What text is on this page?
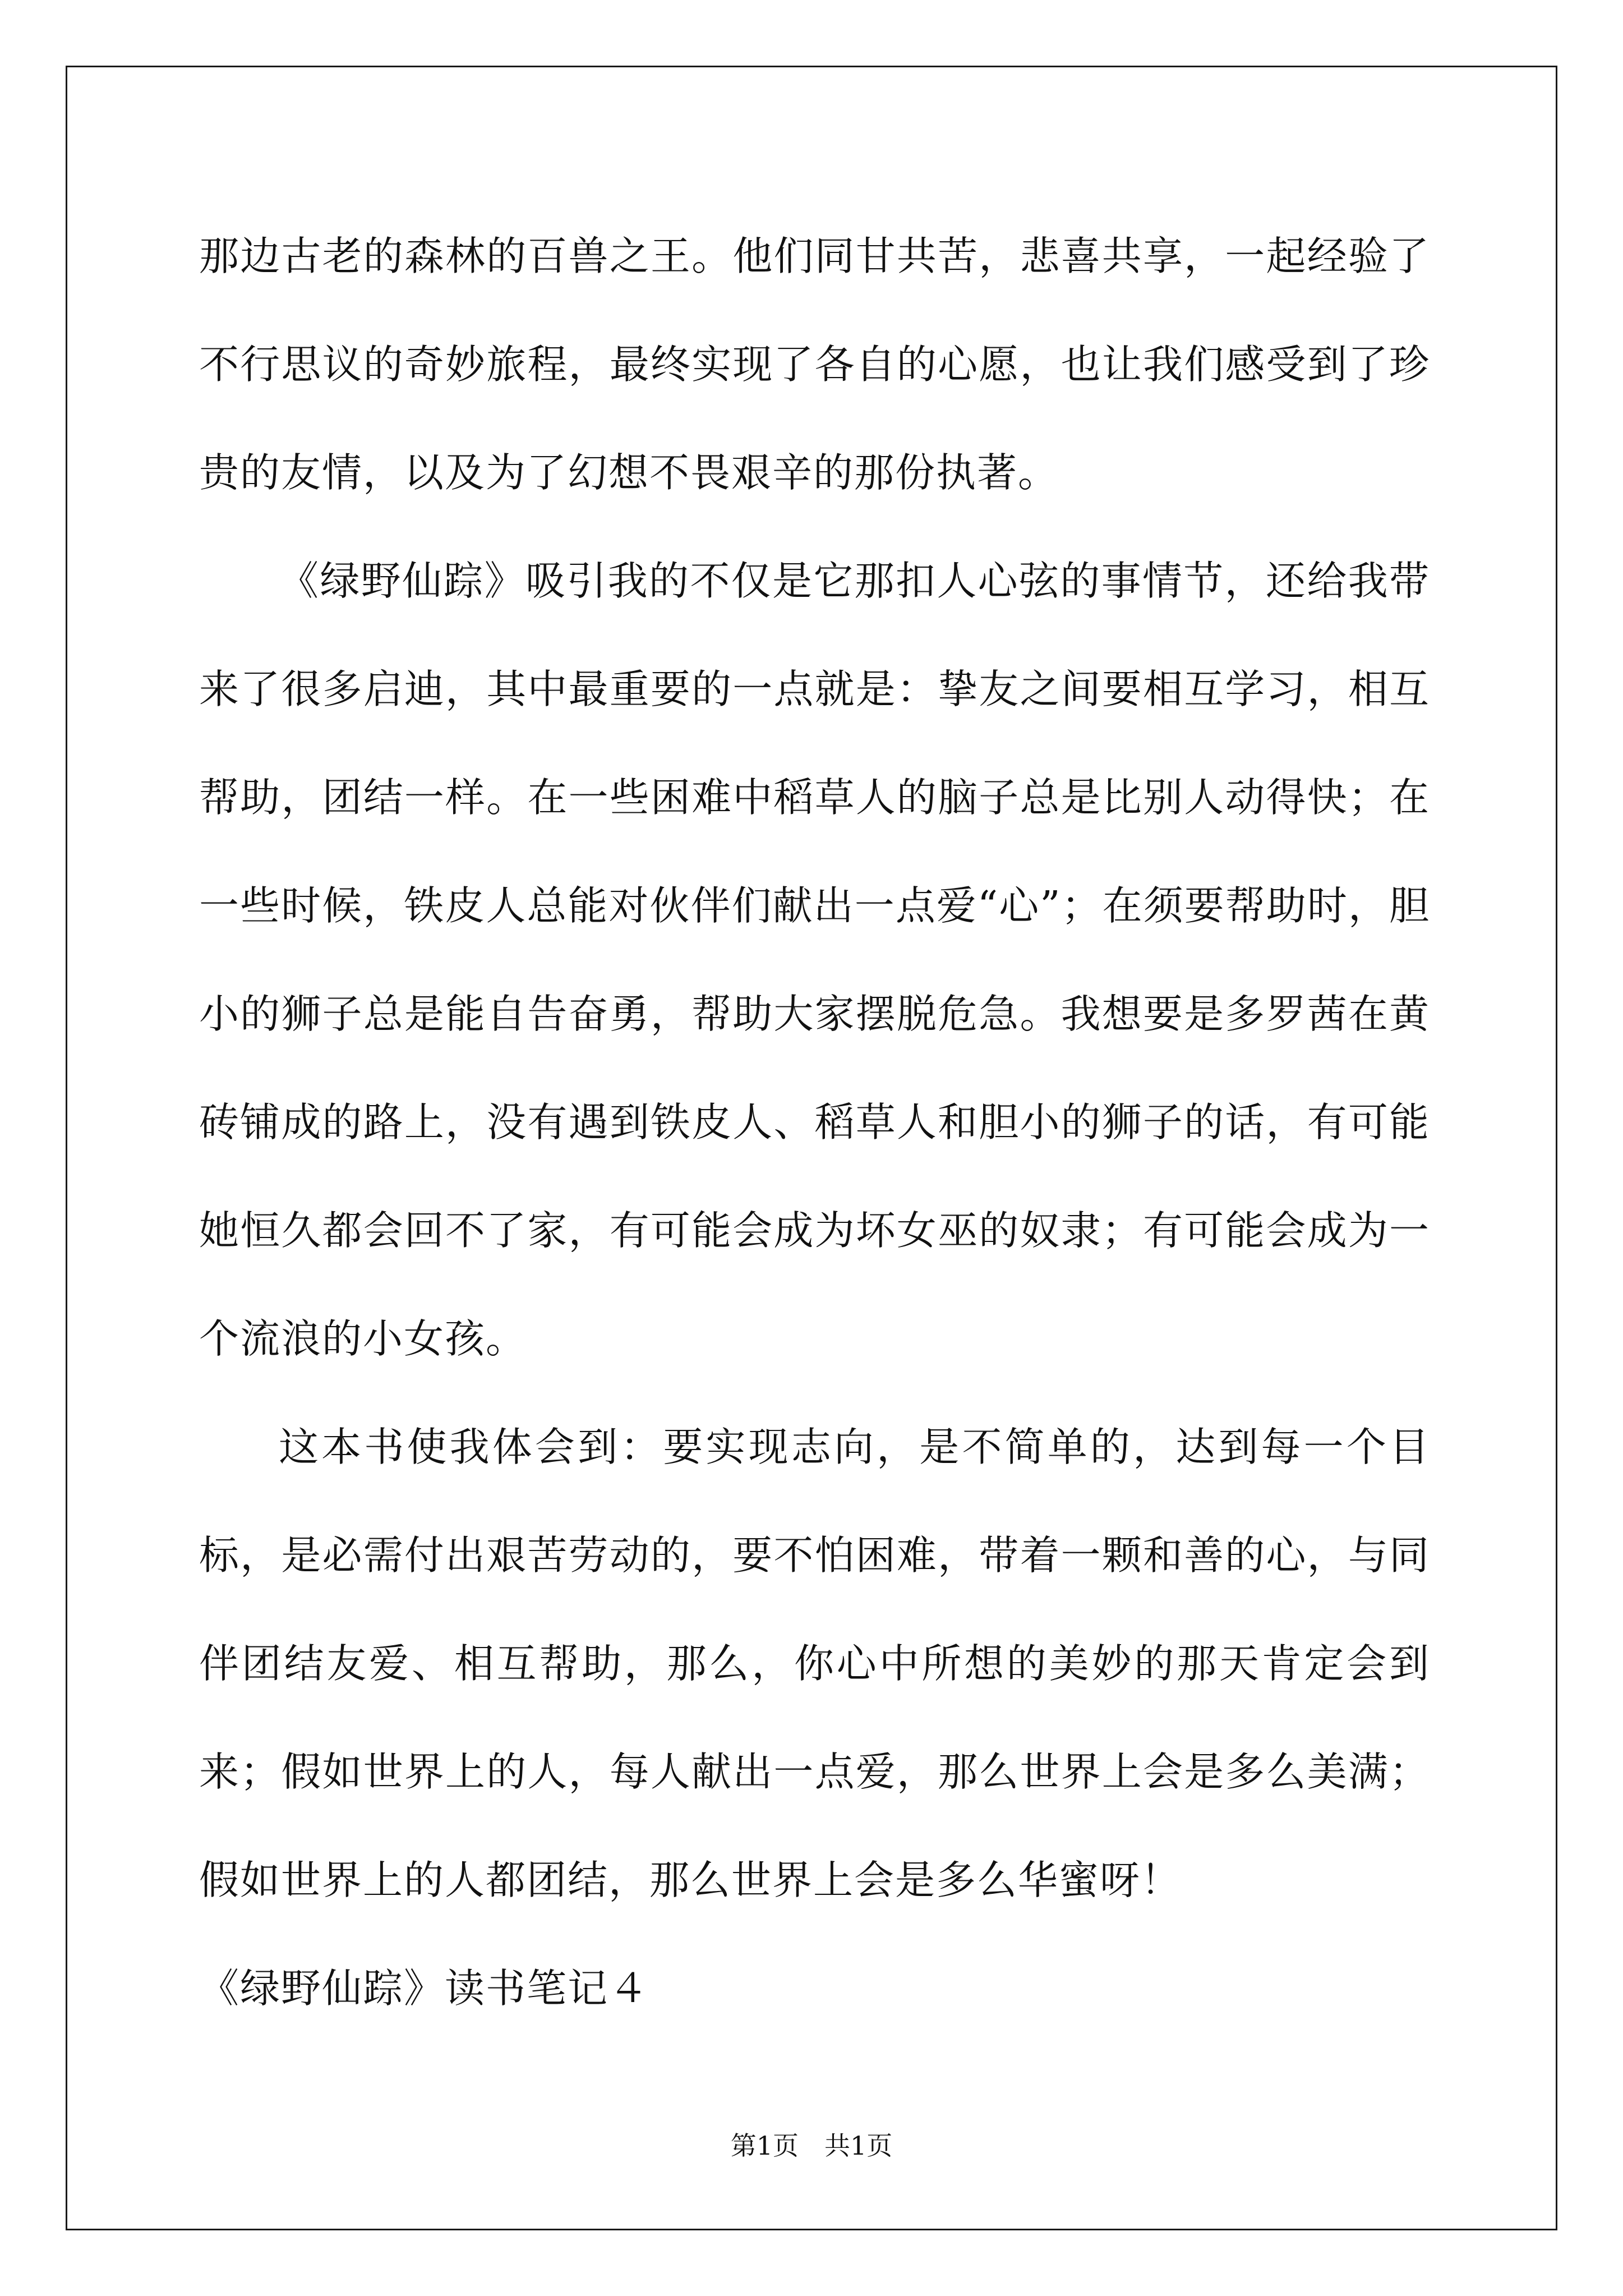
那边古老的森林的百兽之王。他们同甘共苦，悲喜共享，一起经验了不行思议的奇妙旅程，最终实现了各自的心愿，也让我们感受到了珍贵的友情，以及为了幻想不畏艰辛的那份执著。

《绿野仙踪》吸引我的不仅是它那扣人心弦的事情节，还给我带来了很多启迪，其中最重要的一点就是：挚友之间要相互学习，相互帮助，团结一样。在一些困难中稻草人的脑子总是比别人动得快；在一些时候，铁皮人总能对伙伴们献出一点爱“心”；在须要帮助时，胆小的狮子总是能自告奋勇，帮助大家摆脱危急。我想要是多罗茜在黄砖铺成的路上，没有遇到铁皮人、稻草人和胆小的狮子的话，有可能她恒久都会回不了家，有可能会成为坏女巫的奴隶；有可能会成为一个流浪的小女孩。

这本书使我体会到：要实现志向，是不简单的，达到每一个目标，是必需付出艰苦劳动的，要不怕困难，带着一颗和善的心，与同伴团结友爱、相互帮助，那么，你心中所想的美妙的那天肯定会到来；假如世界上的人，每人献出一点爱，那么世界上会是多么美满；假如世界上的人都团结，那么世界上会是多么华蜜呀！

《绿野仙踪》读书笔记４

第1页 共1页
